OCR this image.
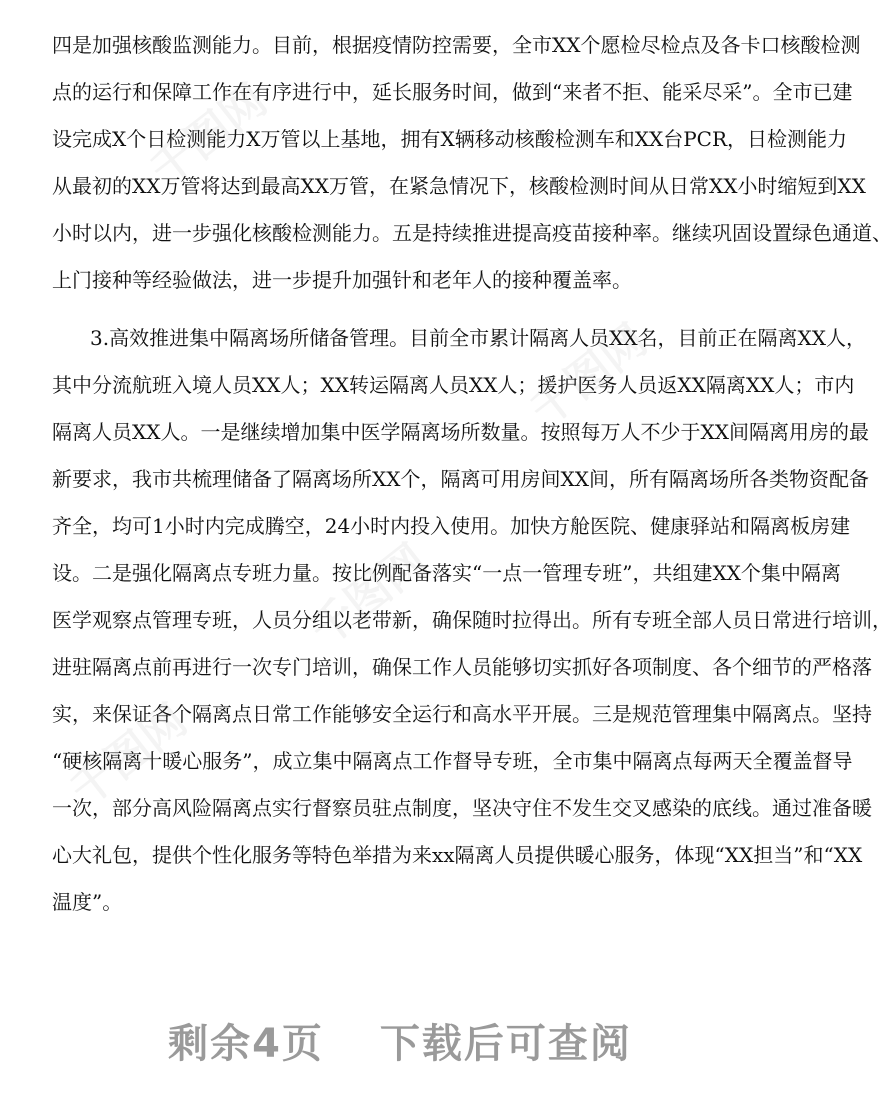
四是加强核酸监测能力。目前，根据疫情防控需要，全市XX个愿检尽检点及各卡口核酸检测
点的运行和保障工作在有序进行中，延长服务时间，做到“来者不拒、能采尽采”。全市已建
设完成X个日检测能力X万管以上基地，拥有X辆移动核酸检测车和XX台PCR，日检测能力
从最初的XX万管将达到最高XX万管，在紧急情况下，核酸检测时间从日常XX小时缩短到XX
小时以内，进一步强化核酸检测能力。五是持续推进提高疫苗接种率。继续巩固设置绿色通道、
上门接种等经验做法，进一步提升加强针和老年人的接种覆盖率。
3.高效推进集中隔离场所储备管理。目前全市累计隔离人员XX名，目前正在隔离XX人，
其中分流航班入境人员XX人；XX转运隔离人员XX人；援护医务人员返XX隔离XX人；市内
隔离人员XX人。一是继续增加集中医学隔离场所数量。按照每万人不少于XX间隔离用房的最
新要求，我市共梳理储备了隔离场所XX个，隔离可用房间XX间，所有隔离场所各类物资配备
齐全，均可1小时内完成腾空，24小时内投入使用。加快方舱医院、健康驿站和隔离板房建
设。二是强化隔离点专班力量。按比例配备落实“一点一管理专班”，共组建XX个集中隔离
医学观察点管理专班，人员分组以老带新，确保随时拉得出。所有专班全部人员日常进行培训，
进驻隔离点前再进行一次专门培训，确保工作人员能够切实抓好各项制度、各个细节的严格落
实，来保证各个隔离点日常工作能够安全运行和高水平开展。三是规范管理集中隔离点。坚持
“硬核隔离十暖心服务”，成立集中隔离点工作督导专班，全市集中隔离点每两天全覆盖督导
一次，部分高风险隔离点实行督察员驻点制度，坚决守住不发生交叉感染的底线。通过准备暖
心大礼包，提供个性化服务等特色举措为来xx隔离人员提供暖心服务，体现“XX担当”和“XX
温度”。
千图网
千图网
千图网
千图网
剩余4页 下载后可查阅
